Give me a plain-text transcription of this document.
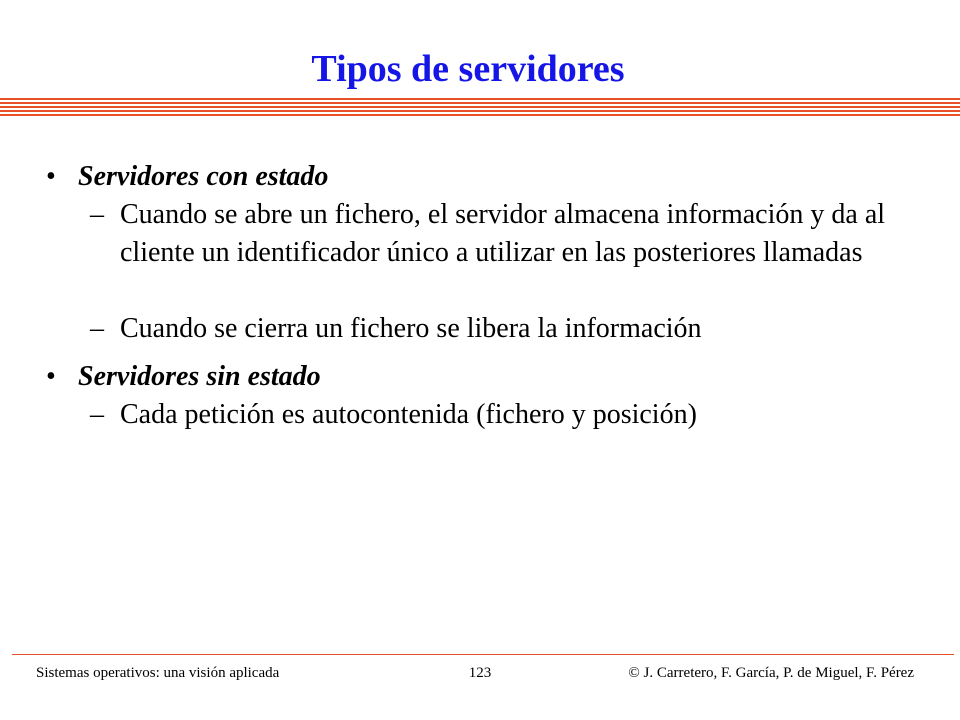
Tipos de servidores
• Servidores con estado
– Cuando se abre un fichero, el servidor almacena información y da al cliente un identificador único a utilizar en las posteriores llamadas
– Cuando se cierra un fichero se libera la información
• Servidores sin estado
– Cada petición es autocontenida (fichero y posición)
Sistemas operativos: una visión aplicada	123	© J. Carretero, F. García, P. de Miguel, F. Pérez
